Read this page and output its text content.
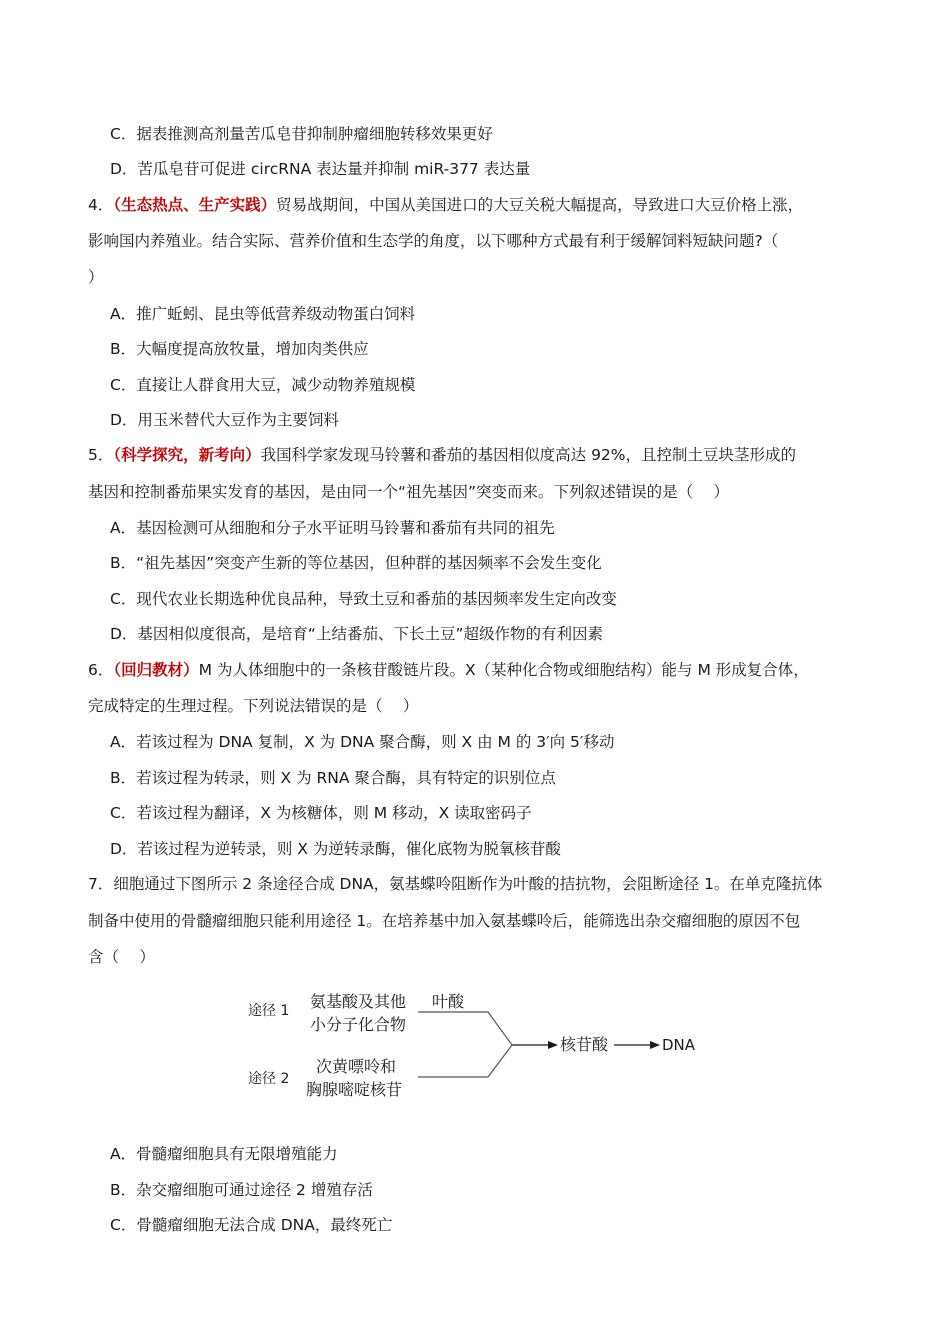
C．据表推测高剂量苦瓜皂苷抑制肿瘤细胞转移效果更好
D．苦瓜皂苷可促进 circRNA 表达量并抑制 miR-377 表达量
4．（生态热点、生产实践）贸易战期间，中国从美国进口的大豆关税大幅提高，导致进口大豆价格上涨，
影响国内养殖业。结合实际、营养价值和生态学的角度，以下哪种方式最有利于缓解饲料短缺问题?（
）
A．推广蚯蚓、昆虫等低营养级动物蛋白饲料
B．大幅度提高放牧量，增加肉类供应
C．直接让人群食用大豆，减少动物养殖规模
D．用玉米替代大豆作为主要饲料
5．（科学探究，新考向）我国科学家发现马铃薯和番茄的基因相似度高达 92%，且控制土豆块茎形成的
基因和控制番茄果实发育的基因，是由同一个“祖先基因”突变而来。下列叙述错误的是（　 ）
A．基因检测可从细胞和分子水平证明马铃薯和番茄有共同的祖先
B．“祖先基因”突变产生新的等位基因，但种群的基因频率不会发生变化
C．现代农业长期选种优良品种，导致土豆和番茄的基因频率发生定向改变
D．基因相似度很高，是培育“上结番茄、下长土豆”超级作物的有利因素
6．（回归教材）M 为人体细胞中的一条核苷酸链片段。X（某种化合物或细胞结构）能与 M 形成复合体，
完成特定的生理过程。下列说法错误的是（　 ）
A．若该过程为 DNA 复制，X 为 DNA 聚合酶，则 X 由 M 的 3′向 5′移动
B．若该过程为转录，则 X 为 RNA 聚合酶，具有特定的识别位点
C．若该过程为翻译，X 为核糖体，则 M 移动，X 读取密码子
D．若该过程为逆转录，则 X 为逆转录酶，催化底物为脱氧核苷酸
7．细胞通过下图所示 2 条途径合成 DNA，氨基蝶呤阻断作为叶酸的拮抗物，会阻断途径 1。在单克隆抗体
制备中使用的骨髓瘤细胞只能利用途径 1。在培养基中加入氨基蝶呤后，能筛选出杂交瘤细胞的原因不包
含（　 ）
途径 1
途径 2
氨基酸及其他
小分子化合物
叶酸
次黄嘌呤和
胸腺嘧啶核苷
核苷酸	DNA
A．骨髓瘤细胞具有无限增殖能力
B．杂交瘤细胞可通过途径 2 增殖存活
C．骨髓瘤细胞无法合成 DNA，最终死亡
